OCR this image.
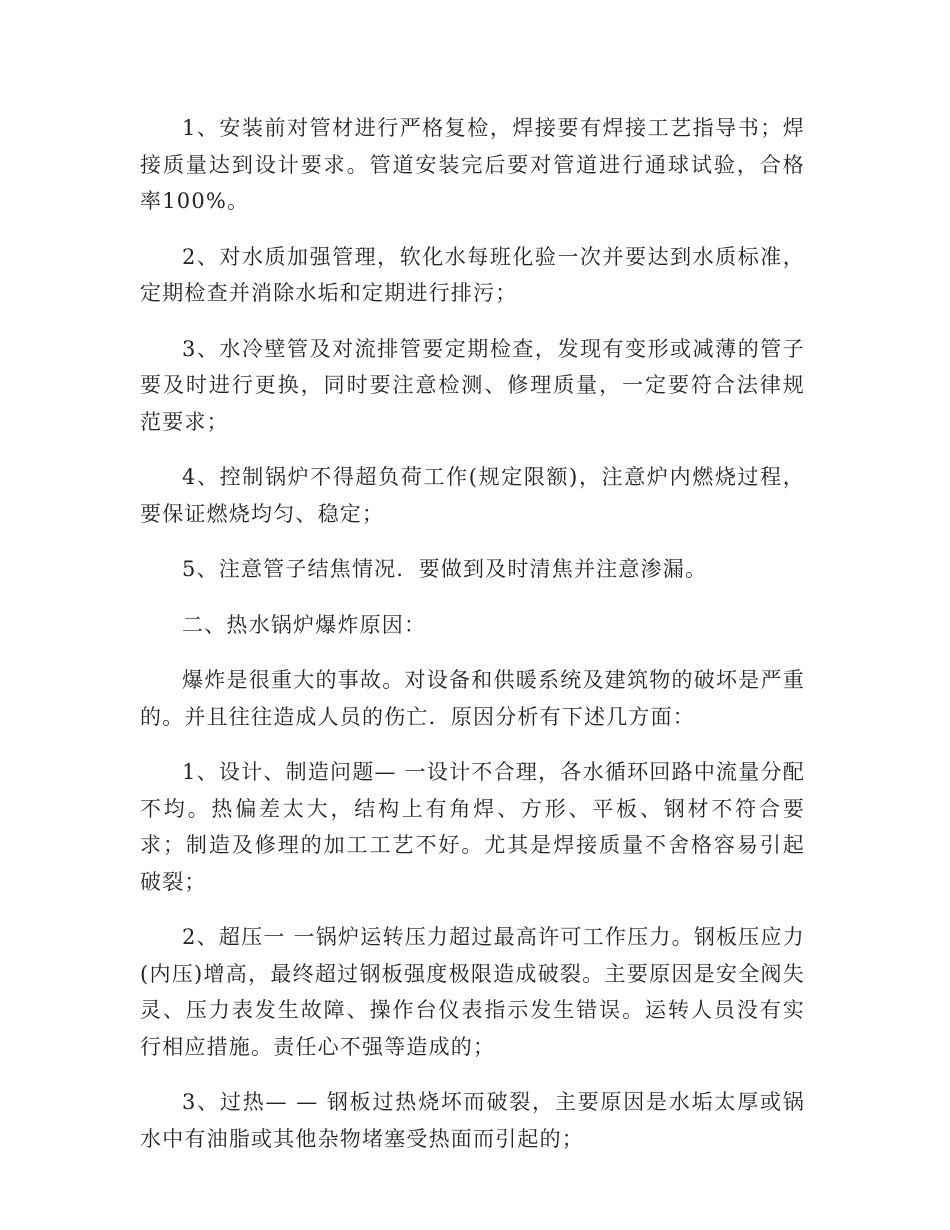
1、安装前对管材进行严格复检，焊接要有焊接工艺指导书；焊接质量达到设计要求。管道安装完后要对管道进行通球试验，合格率100%。

2、对水质加强管理，软化水每班化验一次并要达到水质标准，定期检查并消除水垢和定期进行排污；

3、水冷壁管及对流排管要定期检查，发现有变形或减薄的管子要及时进行更换，同时要注意检测、修理质量，一定要符合法律规范要求；

4、控制锅炉不得超负荷工作(规定限额)，注意炉内燃烧过程，要保证燃烧均匀、稳定；

5、注意管子结焦情况．要做到及时清焦并注意渗漏。

二、热水锅炉爆炸原因：

爆炸是很重大的事故。对设备和供暖系统及建筑物的破坏是严重的。并且往往造成人员的伤亡．原因分析有下述几方面：

1、设计、制造问题— 一设计不合理，各水循环回路中流量分配不均。热偏差太大，结构上有角焊、方形、平板、钢材不符合要求；制造及修理的加工工艺不好。尤其是焊接质量不舍格容易引起破裂；

2、超压一 一锅炉运转压力超过最高许可工作压力。钢板压应力(内压)增高，最终超过钢板强度极限造成破裂。主要原因是安全阀失灵、压力表发生故障、操作台仪表指示发生错误。运转人员没有实行相应措施。责任心不强等造成的；

3、过热— — 钢板过热烧坏而破裂，主要原因是水垢太厚或锅水中有油脂或其他杂物堵塞受热面而引起的；
